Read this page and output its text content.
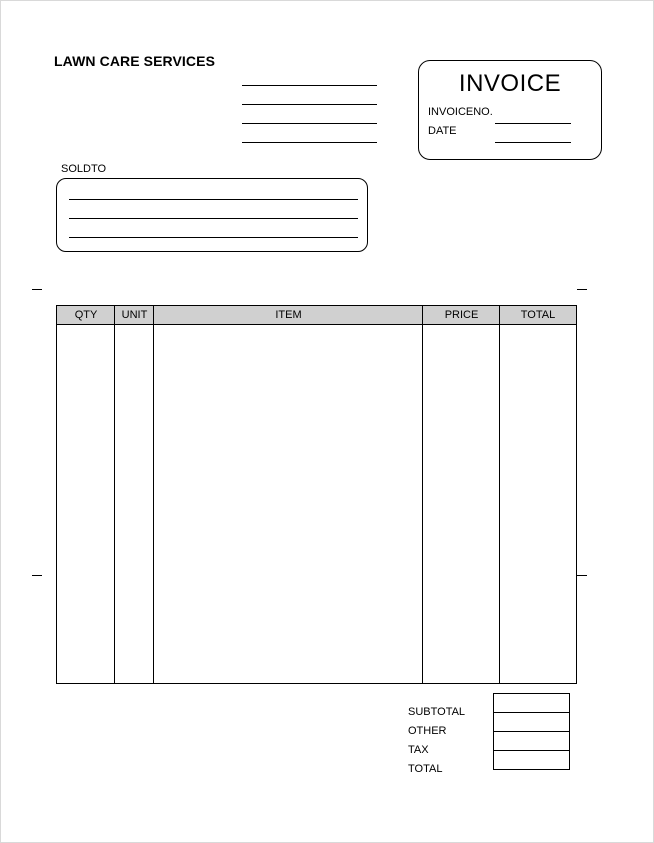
LAWN CARE SERVICES
INVOICE
INVOICENO.
DATE
SOLDTO
QTY	UNIT	ITEM	PRICE	TOTAL
SUBTOTAL
OTHER
TAX
TOTAL
